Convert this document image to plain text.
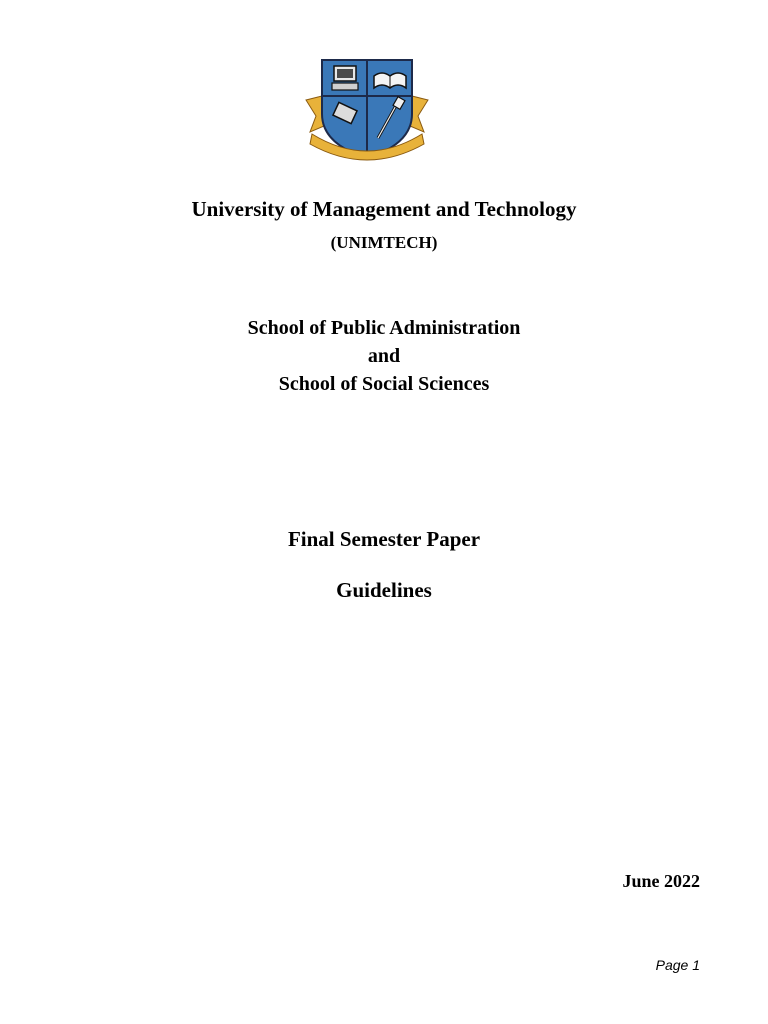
University of Management and Technology
(UNIMTECH)
School of Public Administration
and
School of Social Sciences
Final Semester Paper
Guidelines
June 2022
Page 1
